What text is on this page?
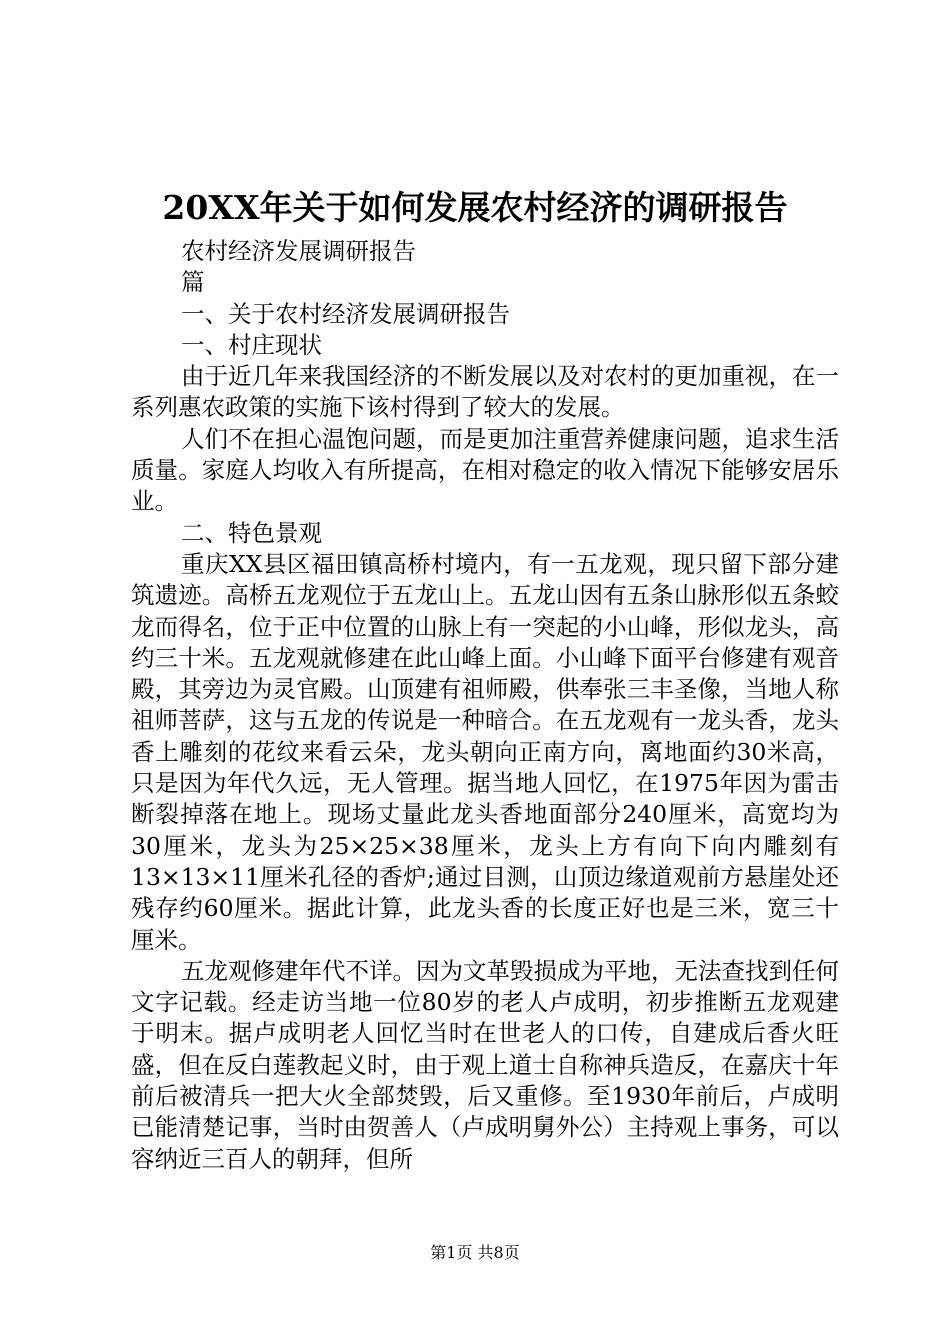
20XX年关于如何发展农村经济的调研报告

农村经济发展调研报告

篇

一、关于农村经济发展调研报告

一、村庄现状

由于近几年来我国经济的不断发展以及对农村的更加重视，在一系列惠农政策的实施下该村得到了较大的发展。

人们不在担心温饱问题，而是更加注重营养健康问题，追求生活质量。家庭人均收入有所提高，在相对稳定的收入情况下能够安居乐业。

二、特色景观

重庆XX县区福田镇高桥村境内，有一五龙观，现只留下部分建筑遗迹。高桥五龙观位于五龙山上。五龙山因有五条山脉形似五条蛟龙而得名，位于正中位置的山脉上有一突起的小山峰，形似龙头，高约三十米。五龙观就修建在此山峰上面。小山峰下面平台修建有观音殿，其旁边为灵官殿。山顶建有祖师殿，供奉张三丰圣像，当地人称祖师菩萨，这与五龙的传说是一种暗合。在五龙观有一龙头香，龙头香上雕刻的花纹来看云朵，龙头朝向正南方向，离地面约30米高，只是因为年代久远，无人管理。据当地人回忆，在1975年因为雷击断裂掉落在地上。现场丈量此龙头香地面部分240厘米，高宽均为30厘米，龙头为25×25×38厘米，龙头上方有向下向内雕刻有13×13×11厘米孔径的香炉;通过目测，山顶边缘道观前方悬崖处还残存约60厘米。据此计算，此龙头香的长度正好也是三米，宽三十厘米。

五龙观修建年代不详。因为文革毁损成为平地，无法查找到任何文字记载。经走访当地一位80岁的老人卢成明，初步推断五龙观建于明末。据卢成明老人回忆当时在世老人的口传，自建成后香火旺盛，但在反白莲教起义时，由于观上道士自称神兵造反，在嘉庆十年前后被清兵一把大火全部焚毁，后又重修。至1930年前后，卢成明已能清楚记事，当时由贺善人（卢成明舅外公）主持观上事务，可以容纳近三百人的朝拜，但所

第1页 共8页
